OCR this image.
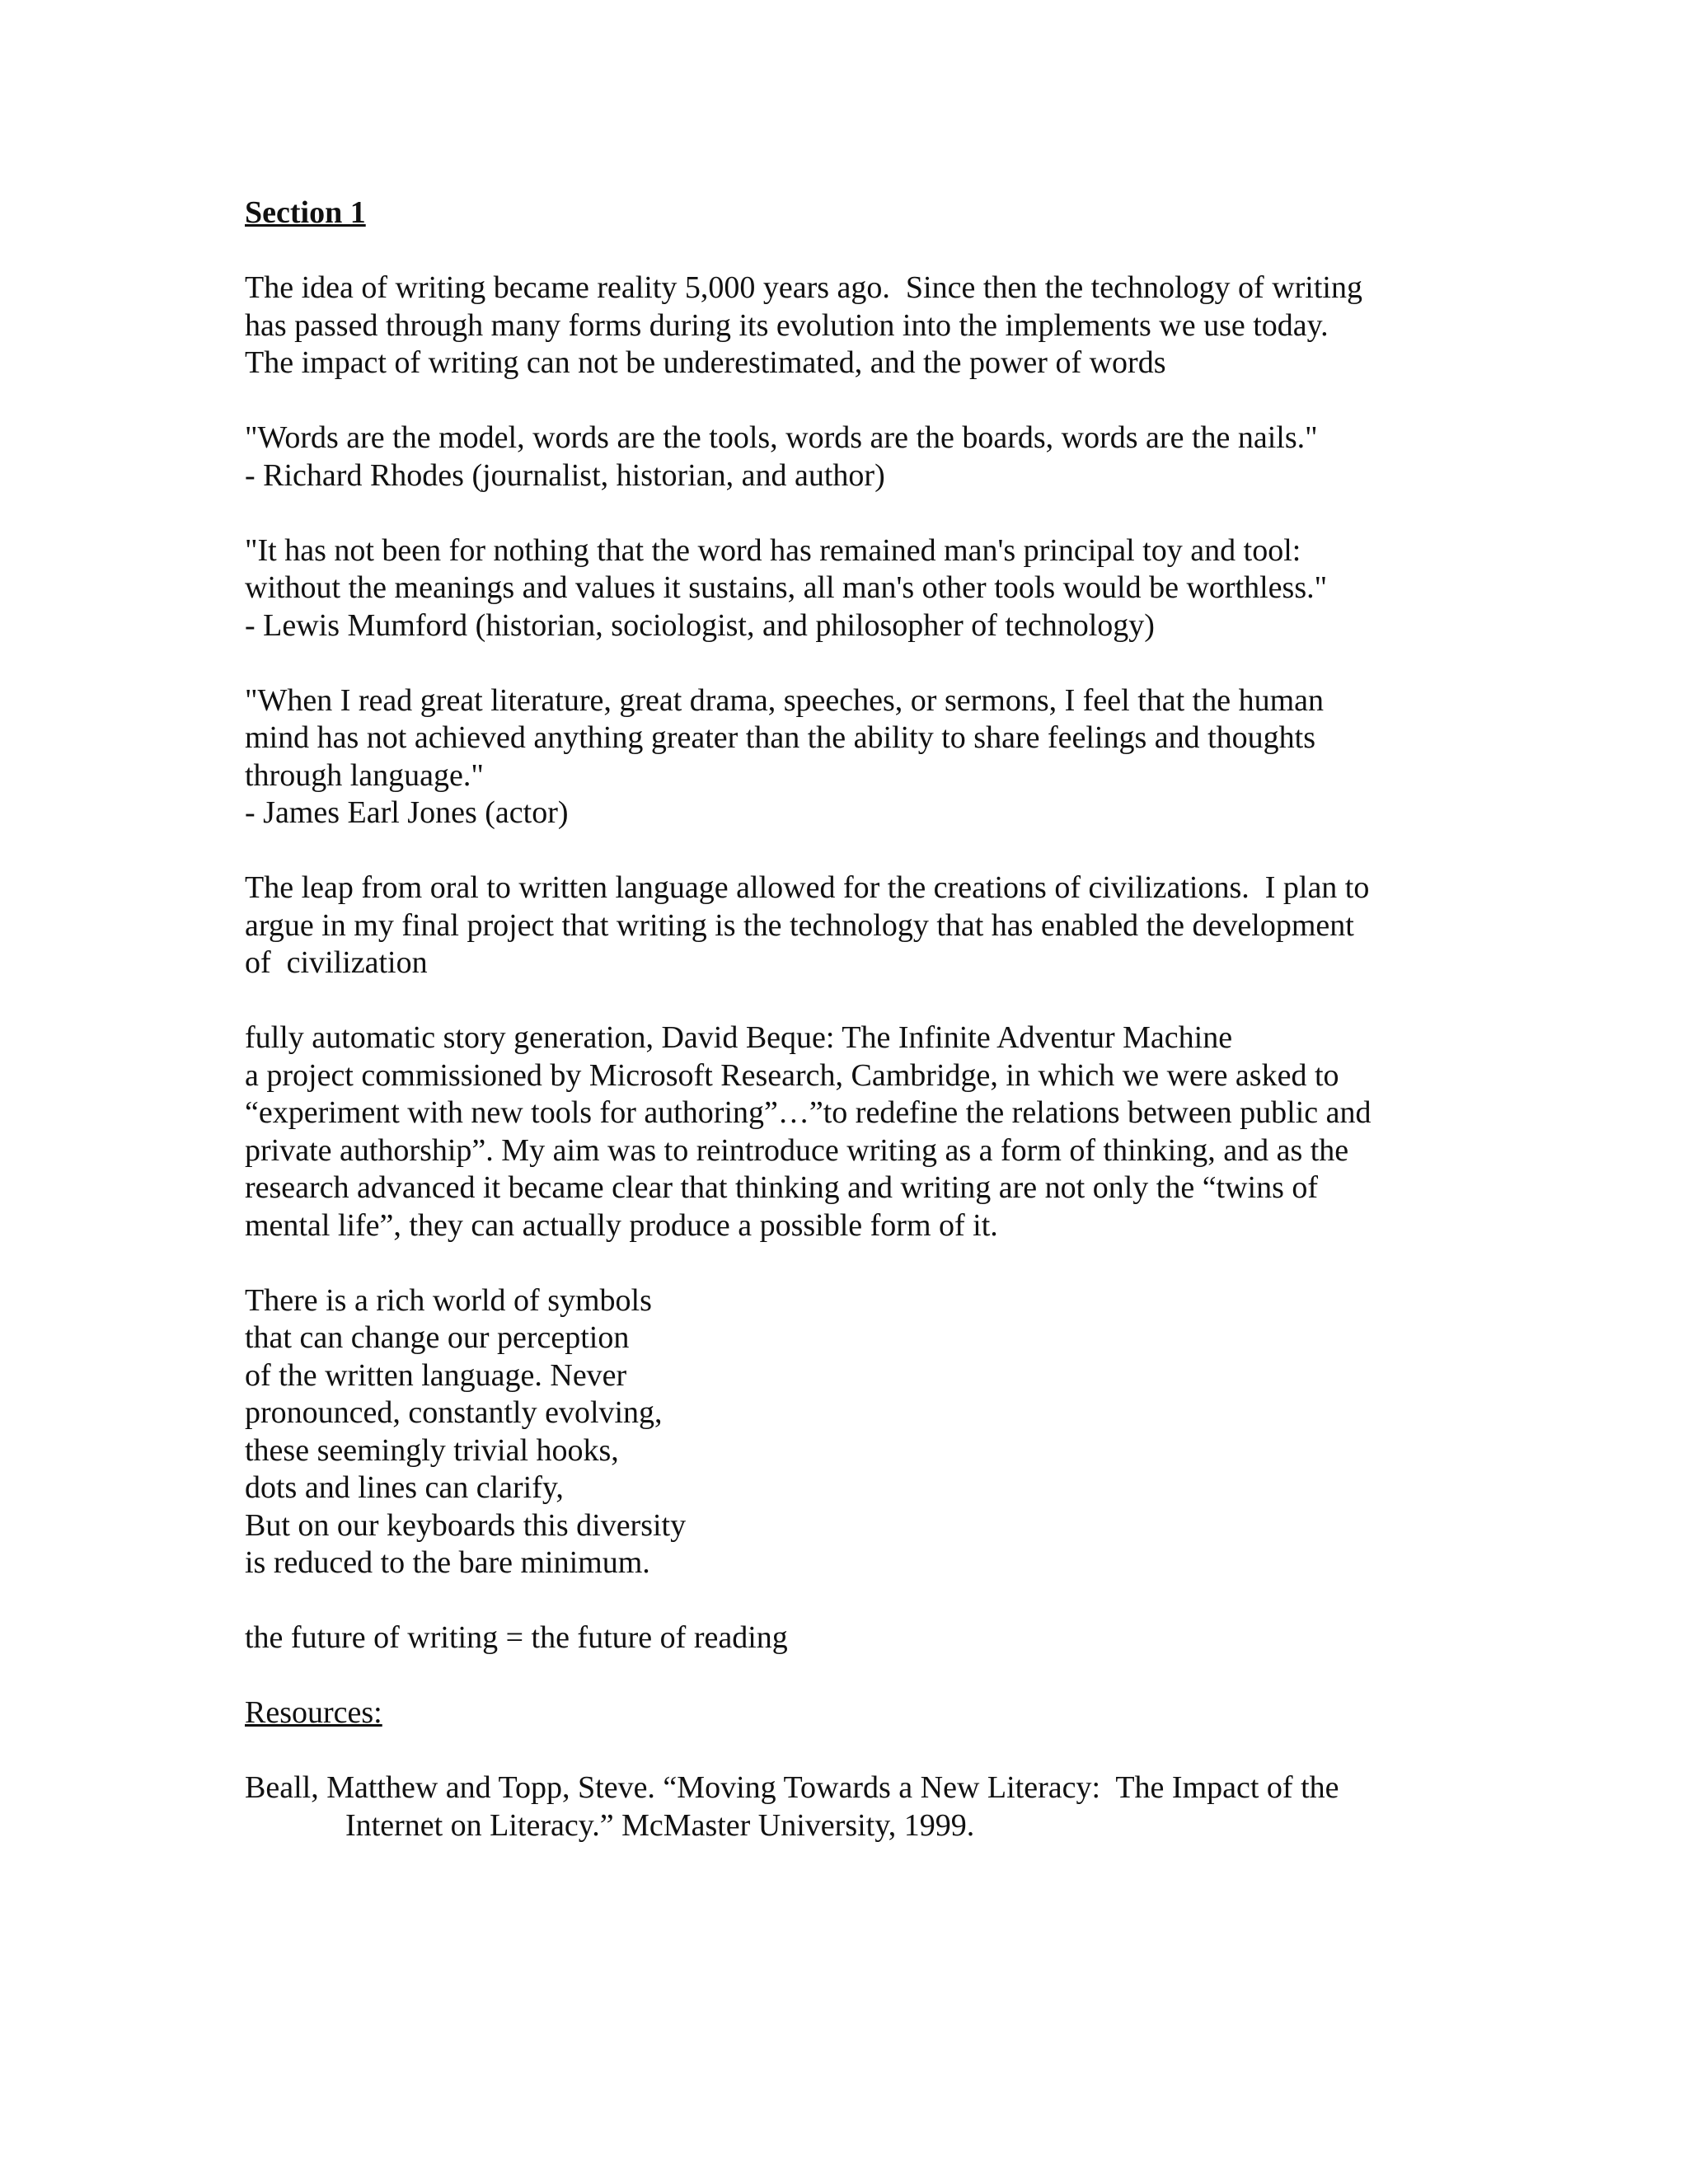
Section 1
The idea of writing became reality 5,000 years ago.  Since then the technology of writing
has passed through many forms during its evolution into the implements we use today.
The impact of writing can not be underestimated, and the power of words
"Words are the model, words are the tools, words are the boards, words are the nails."
- Richard Rhodes (journalist, historian, and author)
"It has not been for nothing that the word has remained man's principal toy and tool:
without the meanings and values it sustains, all man's other tools would be worthless."
- Lewis Mumford (historian, sociologist, and philosopher of technology)
"When I read great literature, great drama, speeches, or sermons, I feel that the human
mind has not achieved anything greater than the ability to share feelings and thoughts
through language."
- James Earl Jones (actor)
The leap from oral to written language allowed for the creations of civilizations.  I plan to
argue in my final project that writing is the technology that has enabled the development
of  civilization
fully automatic story generation, David Beque: The Infinite Adventur Machine
a project commissioned by Microsoft Research, Cambridge, in which we were asked to
“experiment with new tools for authoring”…”to redefine the relations between public and
private authorship”. My aim was to reintroduce writing as a form of thinking, and as the
research advanced it became clear that thinking and writing are not only the “twins of
mental life”, they can actually produce a possible form of it.
There is a rich world of symbols
that can change our perception
of the written language. Never
pronounced, constantly evolving,
these seemingly trivial hooks,
dots and lines can clarify,
But on our keyboards this diversity
is reduced to the bare minimum.
the future of writing = the future of reading
Resources:
Beall, Matthew and Topp, Steve. “Moving Towards a New Literacy:  The Impact of the
Internet on Literacy.” McMaster University, 1999.
